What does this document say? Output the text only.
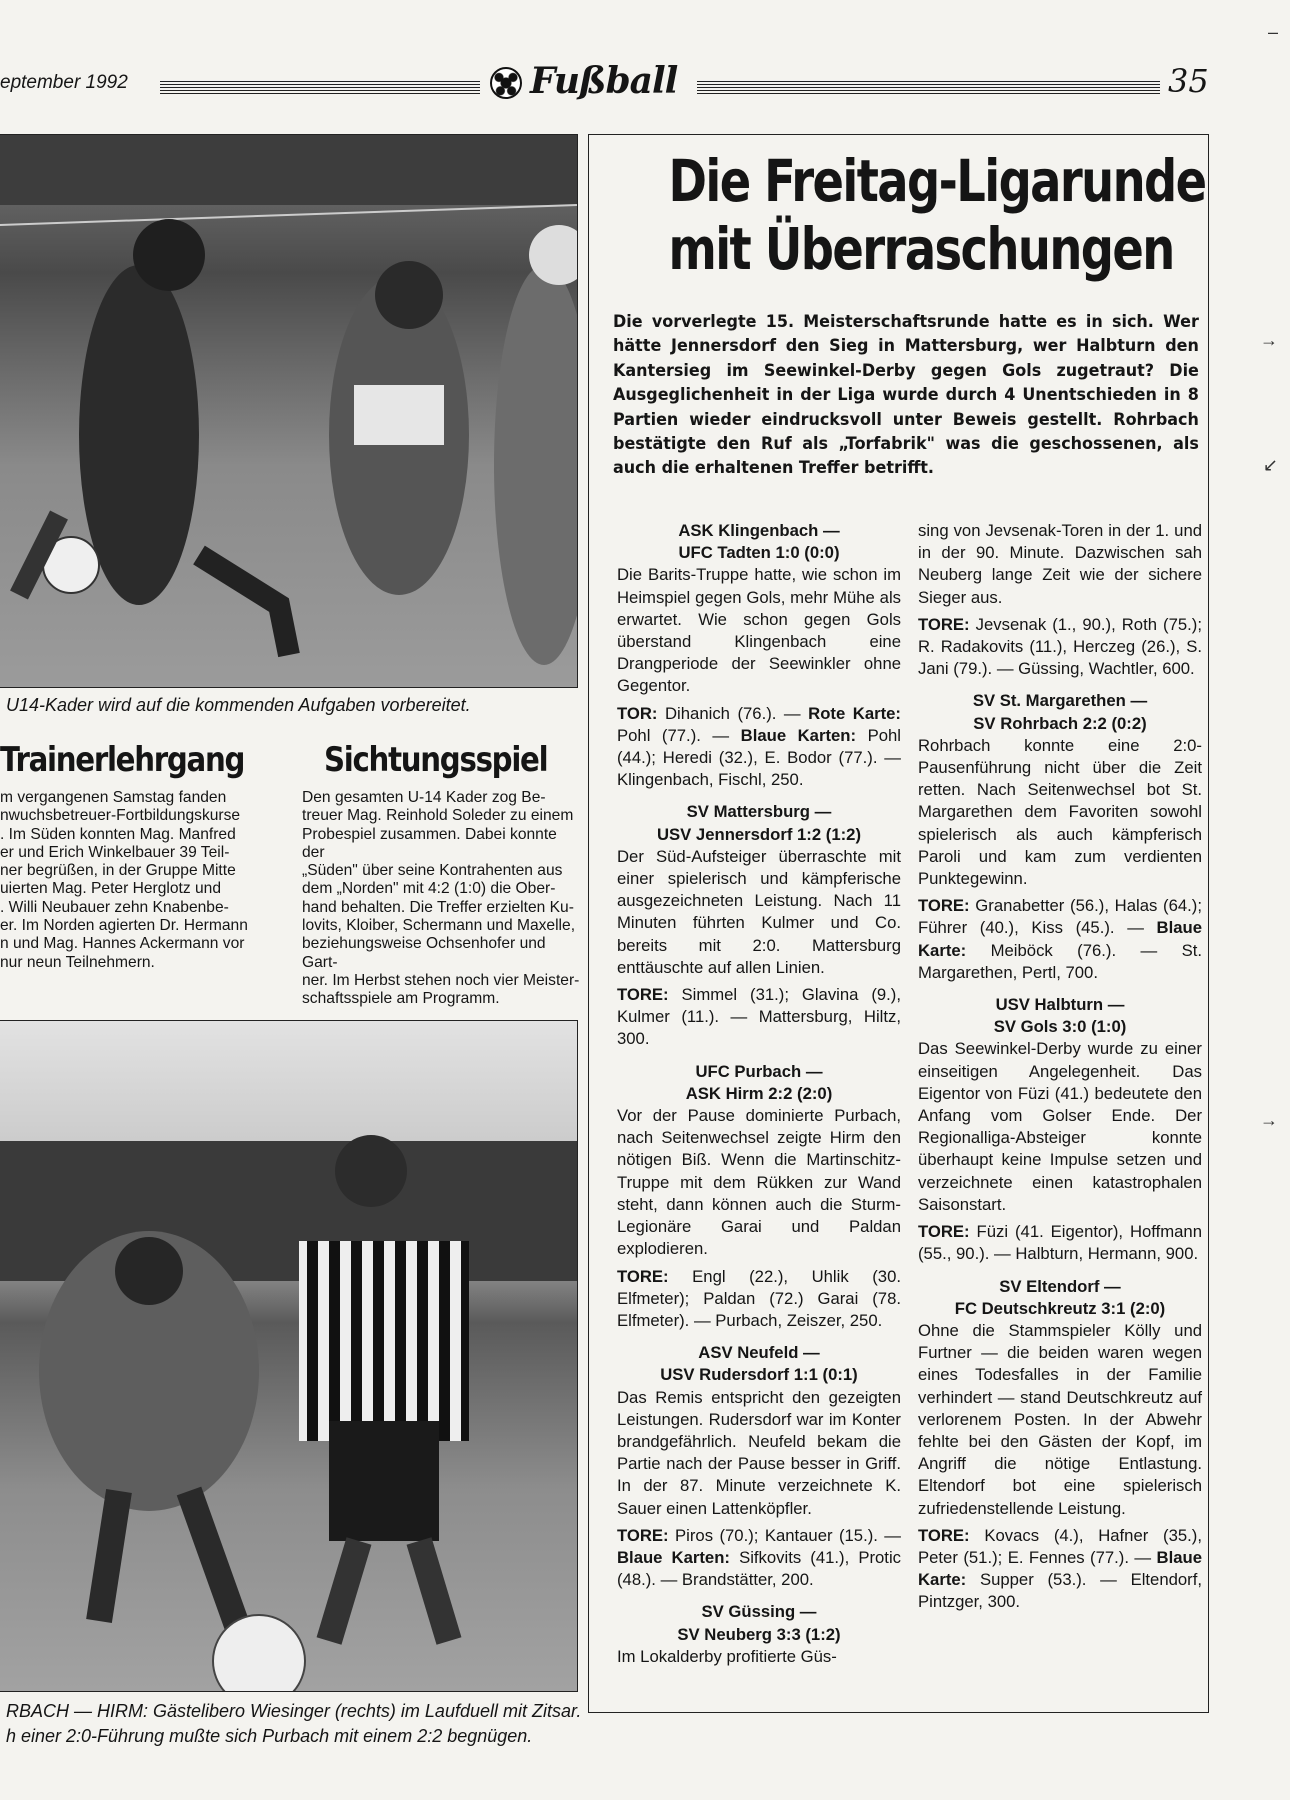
eptember 1992	Fußball	35
U14-Kader wird auf die kommenden Aufgaben vorbereitet.
Trainerlehrgang

m vergangenen Samstag fanden

nwuchsbetreuer-Fortbildungskurse

. Im Süden konnten Mag. Manfred

er und Erich Winkelbauer 39 Teil-

ner begrüßen, in der Gruppe Mitte

uierten Mag. Peter Herglotz und

. Willi Neubauer zehn Knabenbe-

er. Im Norden agierten Dr. Hermann

n und Mag. Hannes Ackermann vor

nur neun Teilnehmern.

Sichtungsspiel

Den gesamten U-14 Kader zog Be-

treuer Mag. Reinhold Soleder zu einem

Probespiel zusammen. Dabei konnte der

„Süden" über seine Kontrahenten aus

dem „Norden" mit 4:2 (1:0) die Ober-

hand behalten. Die Treffer erzielten Ku-

lovits, Kloiber, Schermann und Maxelle,

beziehungsweise Ochsenhofer und Gart-

ner. Im Herbst stehen noch vier Meister-

schaftsspiele am Programm.

RBACH — HIRM: Gästelibero Wiesinger (rechts) im Laufduell mit Zitsar.
h einer 2:0-Führung mußte sich Purbach mit einem 2:2 begnügen.
Die Freitag-Ligarunde
mit Überraschungen
Die vorverlegte 15. Meisterschaftsrunde hatte es in sich. Wer hätte Jennersdorf den Sieg in Mattersburg, wer Halbturn den Kantersieg im Seewinkel-Derby gegen Gols zugetraut? Die Ausgeglichenheit in der Liga wurde durch 4 Unentschieden in 8 Partien wieder eindrucksvoll unter Beweis gestellt. Rohrbach bestätigte den Ruf als „Torfabrik" was die geschossenen, als auch die erhaltenen Treffer betrifft.
ASK Klingenbach —
UFC Tadten 1:0 (0:0)

Die Barits-Truppe hatte, wie schon im Heimspiel gegen Gols, mehr Mühe als erwartet. Wie schon gegen Gols überstand Klingenbach eine Drangperiode der Seewinkler ohne Gegentor.

TOR: Dihanich (76.). — Rote Karte: Pohl (77.). — Blaue Karten: Pohl (44.); Heredi (32.), E. Bodor (77.). — Klingenbach, Fischl, 250.

SV Mattersburg —
USV Jennersdorf 1:2 (1:2)

Der Süd-Aufsteiger überraschte mit einer spielerisch und kämpferische ausgezeichneten Leistung. Nach 11 Minuten führten Kulmer und Co. bereits mit 2:0. Mattersburg enttäuschte auf allen Linien.

TORE: Simmel (31.); Glavina (9.), Kulmer (11.). — Mattersburg, Hiltz, 300.

UFC Purbach —
ASK Hirm 2:2 (2:0)

Vor der Pause dominierte Purbach, nach Seitenwechsel zeigte Hirm den nötigen Biß. Wenn die Martinschitz-Truppe mit dem Rükken zur Wand steht, dann können auch die Sturm-Legionäre Garai und Paldan explodieren.

TORE: Engl (22.), Uhlik (30. Elfmeter); Paldan (72.) Garai (78. Elfmeter). — Purbach, Zeiszer, 250.

ASV Neufeld —
USV Rudersdorf 1:1 (0:1)

Das Remis entspricht den gezeigten Leistungen. Rudersdorf war im Konter brandgefährlich. Neufeld bekam die Partie nach der Pause besser in Griff. In der 87. Minute verzeichnete K. Sauer einen Lattenköpfler.

TORE: Piros (70.); Kantauer (15.). — Blaue Karten: Sifkovits (41.), Protic (48.). — Brandstätter, 200.

SV Güssing —
SV Neuberg 3:3 (1:2)

Im Lokalderby profitierte Güs-

sing von Jevsenak-Toren in der 1. und in der 90. Minute. Dazwischen sah Neuberg lange Zeit wie der sichere Sieger aus.

TORE: Jevsenak (1., 90.), Roth (75.); R. Radakovits (11.), Herczeg (26.), S. Jani (79.). — Güssing, Wachtler, 600.

SV St. Margarethen —
SV Rohrbach 2:2 (0:2)

Rohrbach konnte eine 2:0-Pausenführung nicht über die Zeit retten. Nach Seitenwechsel bot St. Margarethen dem Favoriten sowohl spielerisch als auch kämpferisch Paroli und kam zum verdienten Punktegewinn.

TORE: Granabetter (56.), Halas (64.); Führer (40.), Kiss (45.). — Blaue Karte: Meiböck (76.). — St. Margarethen, Pertl, 700.

USV Halbturn —
SV Gols 3:0 (1:0)

Das Seewinkel-Derby wurde zu einer einseitigen Angelegenheit. Das Eigentor von Füzi (41.) bedeutete den Anfang vom Golser Ende. Der Regionalliga-Absteiger konnte überhaupt keine Impulse setzen und verzeichnete einen katastrophalen Saisonstart.

TORE: Füzi (41. Eigentor), Hoffmann (55., 90.). — Halbturn, Hermann, 900.

SV Eltendorf —
FC Deutschkreutz 3:1 (2:0)

Ohne die Stammspieler Kölly und Furtner — die beiden waren wegen eines Todesfalles in der Familie verhindert — stand Deutschkreutz auf verlorenem Posten. In der Abwehr fehlte bei den Gästen der Kopf, im Angriff die nötige Entlastung. Eltendorf bot eine spielerisch zufriedenstellende Leistung.

TORE: Kovacs (4.), Hafner (35.), Peter (51.); E. Fennes (77.). — Blaue Karte: Supper (53.). — Eltendorf, Pintzger, 300.

–
→
↙
→
